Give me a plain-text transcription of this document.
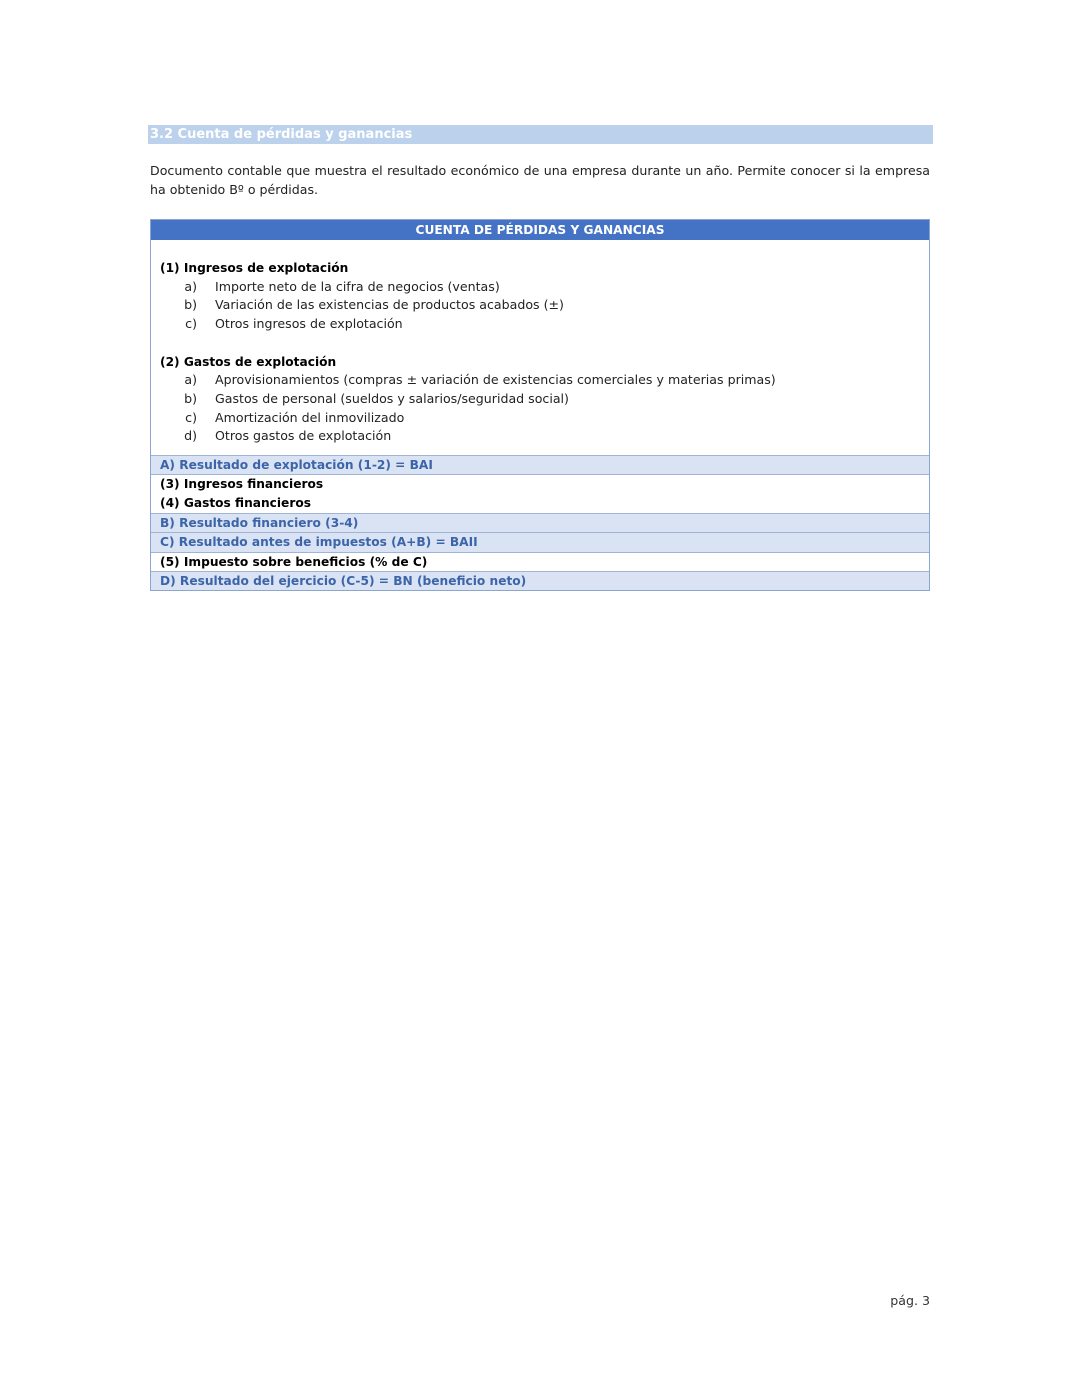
3.2 Cuenta de pérdidas y ganancias

Documento contable que muestra el resultado económico de una empresa durante un año. Permite conocer si la empresa ha obtenido Bº o pérdidas.

CUENTA DE PÉRDIDAS Y GANANCIAS
(1) Ingresos de explotación
a)	Importe neto de la cifra de negocios (ventas)
b)	Variación de las existencias de productos acabados (±)
c)	Otros ingresos de explotación
(2) Gastos de explotación
a)	Aprovisionamientos (compras ± variación de existencias comerciales y materias primas)
b)	Gastos de personal (sueldos y salarios/seguridad social)
c)	Amortización del inmovilizado
d)	Otros gastos de explotación
A) Resultado de explotación (1-2) = BAI
(3) Ingresos financieros
(4) Gastos financieros
B) Resultado financiero (3-4)
C) Resultado antes de impuestos (A+B) = BAII
(5) Impuesto sobre beneficios (% de C)
D) Resultado del ejercicio (C-5) = BN (beneficio neto)
pág. 3
